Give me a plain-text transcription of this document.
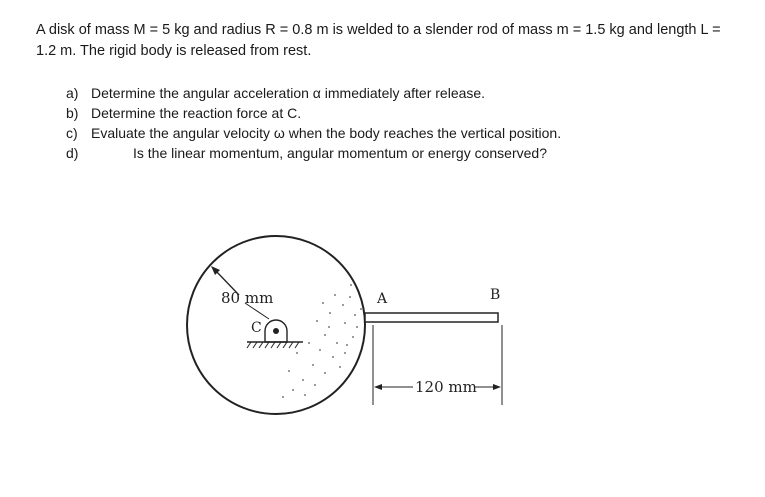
A disk of mass M = 5 kg and radius R = 0.8 m is welded to a slender rod of mass m = 1.5 kg and length L =

1.2 m. The rigid body is released from rest.

a) Determine the angular acceleration α immediately after release.
b) Determine the reaction force at C.
c) Evaluate the angular velocity ω when the body reaches the vertical position.
d)	Is the linear momentum, angular momentum or energy conserved?
80 mm
C
A	B
120 mm
